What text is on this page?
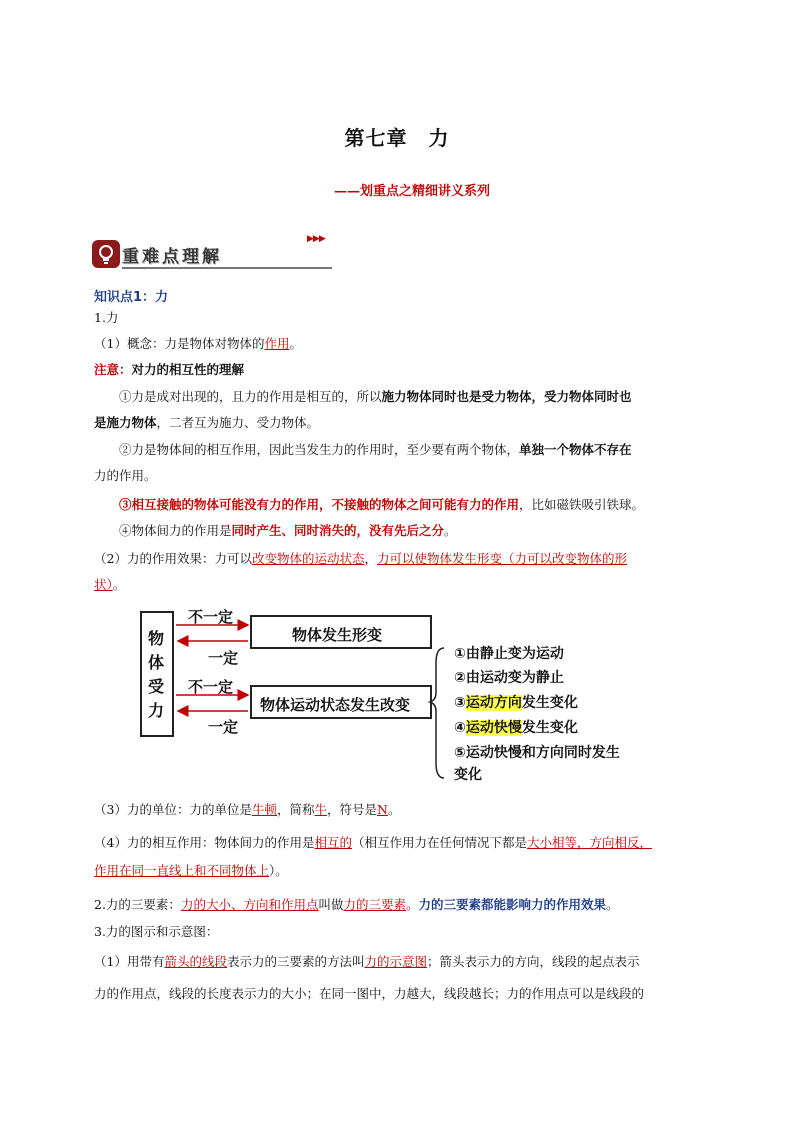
第七章　力
——划重点之精细讲义系列
重难点理解
▶▶▶
知识点1：力
1.力
（1）概念：力是物体对物体的作用。
注意：对力的相互性的理解
①力是成对出现的，且力的作用是相互的，所以施力物体同时也是受力物体，受力物体同时也
是施力物体，二者互为施力、受力物体。
②力是物体间的相互作用，因此当发生力的作用时，至少要有两个物体，单独一个物体不存在
力的作用。
③相互接触的物体可能没有力的作用，不接触的物体之间可能有力的作用，比如磁铁吸引铁球。
④物体间力的作用是同时产生、同时消失的，没有先后之分。
（2）力的作用效果：力可以改变物体的运动状态，力可以使物体发生形变（力可以改变物体的形
状）。
物
体
受
力
物体发生形变
物体运动状态发生改变
不一定
一定
不一定
一定
①由静止变为运动
②由运动变为静止
③运动方向发生变化
④运动快慢发生变化
⑤运动快慢和方向同时发生
变化
（3）力的单位：力的单位是牛顿，简称牛，符号是N。
（4）力的相互作用：物体间力的作用是相互的（相互作用力在任何情况下都是大小相等，方向相反，
作用在同一直线上和不同物体上）。
2.力的三要素：力的大小、方向和作用点叫做力的三要素。力的三要素都能影响力的作用效果。
3.力的图示和示意图：
（1）用带有箭头的线段表示力的三要素的方法叫力的示意图；箭头表示力的方向，线段的起点表示
力的作用点，线段的长度表示力的大小；在同一图中，力越大，线段越长；力的作用点可以是线段的
